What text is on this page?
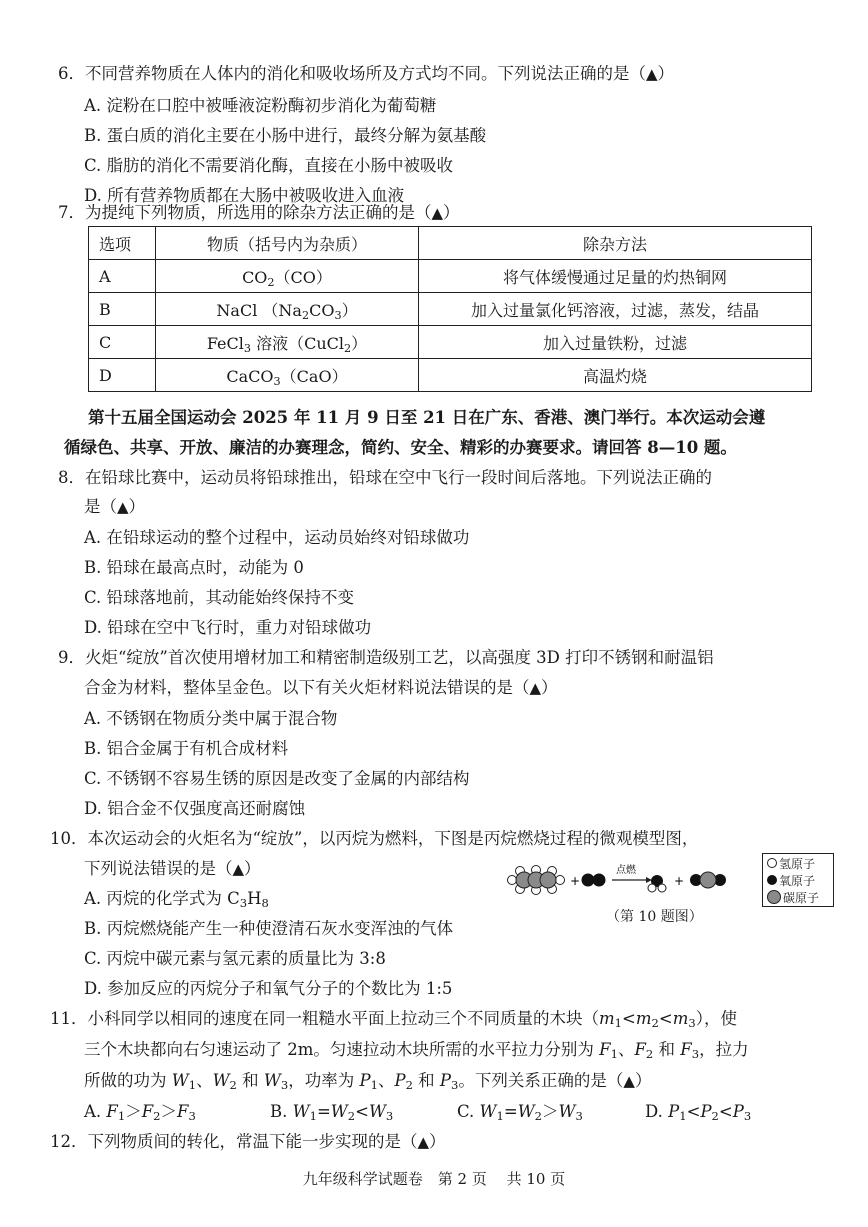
6．不同营养物质在人体内的消化和吸收场所及方式均不同。下列说法正确的是（▲）
A. 淀粉在口腔中被唾液淀粉酶初步消化为葡萄糖
B. 蛋白质的消化主要在小肠中进行，最终分解为氨基酸
C. 脂肪的消化不需要消化酶，直接在小肠中被吸收
D. 所有营养物质都在大肠中被吸收进入血液
7．为提纯下列物质，所选用的除杂方法正确的是（▲）
选项	物质（括号内为杂质）	除杂方法
A	$CO_2(CO)$	将气体缓慢通过足量的灼热铜网
B	NaCl $(Na_2CO_3)$	加入过量氯化钙溶液，过滤，蒸发，结晶
C	FeCl$_3$ 溶液（CuCl$_2$）	加入过量铁粉，过滤
D	CaCO$_3$（CaO）	高温灼烧
第十五届全国运动会 2025 年 11 月 9 日至 21 日在广东、香港、澳门举行。本次运动会遵
循绿色、共享、开放、廉洁的办赛理念，简约、安全、精彩的办赛要求。请回答 8—10 题。
8．在铅球比赛中，运动员将铅球推出，铅球在空中飞行一段时间后落地。下列说法正确的
是（▲）
A. 在铅球运动的整个过程中，运动员始终对铅球做功
B. 铅球在最高点时，动能为 0
C. 铅球落地前，其动能始终保持不变
D. 铅球在空中飞行时，重力对铅球做功
9．火炬“绽放”首次使用增材加工和精密制造级别工艺，以高强度 3D 打印不锈钢和耐温铝
合金为材料，整体呈金色。以下有关火炬材料说法错误的是（▲）
A. 不锈钢在物质分类中属于混合物
B. 铝合金属于有机合成材料
C. 不锈钢不容易生锈的原因是改变了金属的内部结构
D. 铝合金不仅强度高还耐腐蚀
10．本次运动会的火炬名为“绽放”，以丙烷为燃料，下图是丙烷燃烧过程的微观模型图，
下列说法错误的是（▲）
A. 丙烷的化学式为 $C_3H_8$
B. 丙烷燃烧能产生一种使澄清石灰水变浑浊的气体
C. 丙烷中碳元素与氢元素的质量比为 3:8
D. 参加反应的丙烷分子和氧气分子的个数比为 1:5
+
点燃
+
氢原子
氧原子
碳原子
（第 10 题图）
11．小科同学以相同的速度在同一粗糙水平面上拉动三个不同质量的木块$(m_1<m_2<m_3)$，使
三个木块都向右匀速运动了 2m。匀速拉动木块所需的水平拉力分别为 $F_1$、$F_2$ 和 $F_3$，拉力
所做的功为 $W_1$、$W_2$ 和 $W_3$，功率为 $P_1$、$P_2$ 和 $P_3$。下列关系正确的是（▲）
A. $F_1>F_2>F_3$	B. $W_1=W_2<W_3$	C. $W_1=W_2>W_3$	D. $P_1<P_2<P_3$
12．下列物质间的转化，常温下能一步实现的是（▲）
九年级科学试题卷　第 2 页　 共 10 页
